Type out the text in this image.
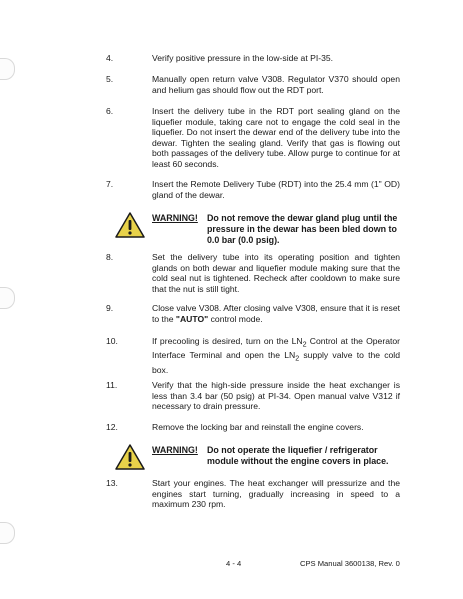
4.	Verify positive pressure in the low-side at PI-35.
5.	Manually open return valve V308. Regulator V370 should open and helium gas should flow out the RDT port.
6.	Insert the delivery tube in the RDT port sealing gland on the liquefier module, taking care not to engage the cold seal in the liquefier. Do not insert the dewar end of the delivery tube into the dewar. Tighten the sealing gland. Verify that gas is flowing out both passages of the delivery tube. Allow purge to continue for at least 60 seconds.
7.	Insert the Remote Delivery Tube (RDT) into the 25.4 mm (1" OD) gland of the dewar.
WARNING! Do not remove the dewar gland plug until the pressure in the dewar has been bled down to 0.0 bar (0.0 psig).
8.	Set the delivery tube into its operating position and tighten glands on both dewar and liquefier module making sure that the cold seal nut is tightened. Recheck after cooldown to make sure that the nut is still tight.
9.	Close valve V308. After closing valve V308, ensure that it is reset to the "AUTO" control mode.
10.	If precooling is desired, turn on the $LN_2$ Control at the Operator Interface Terminal and open the $LN_2$ supply valve to the cold box.
11.	Verify that the high-side pressure inside the heat exchanger is less than 3.4 bar (50 psig) at PI-34. Open manual valve V312 if necessary to drain pressure.
12.	Remove the locking bar and reinstall the engine covers.
WARNING! Do not operate the liquefier / refrigerator module without the engine covers in place.
13.	Start your engines. The heat exchanger will pressurize and the engines start turning, gradually increasing in speed to a maximum 230 rpm.
4 - 4	CPS Manual 3600138, Rev. 0
